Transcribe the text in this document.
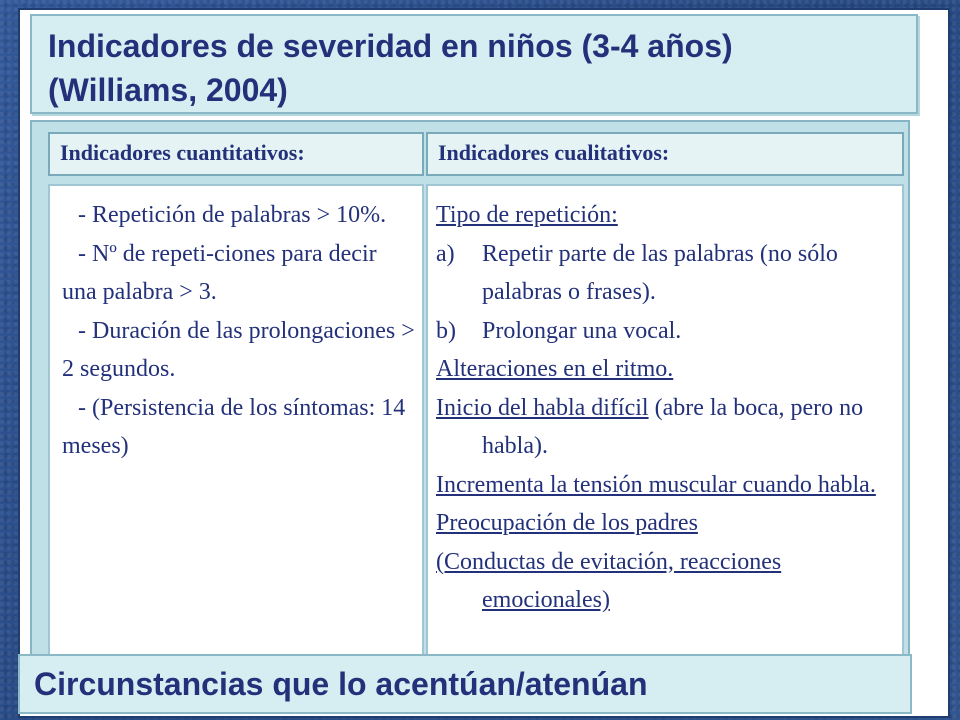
Indicadores de severidad en niños (3-4 años)
(Williams, 2004)
Indicadores cuantitativos:	Indicadores cualitativos:
- Repetición de palabras > 10%.
- Nº de repeti-ciones para decir una palabra > 3.
- Duración de las prolongaciones > 2 segundos.
- (Persistencia de los síntomas: 14 meses)
Tipo de repetición:
a)	Repetir parte de las palabras (no sólo palabras o frases).
b)	Prolongar una vocal.
Alteraciones en el ritmo.
Inicio del habla difícil (abre la boca, pero no habla).
Incrementa la tensión muscular cuando habla.
Preocupación de los padres
(Conductas de evitación, reacciones emocionales)
Circunstancias que lo acentúan/atenúan
